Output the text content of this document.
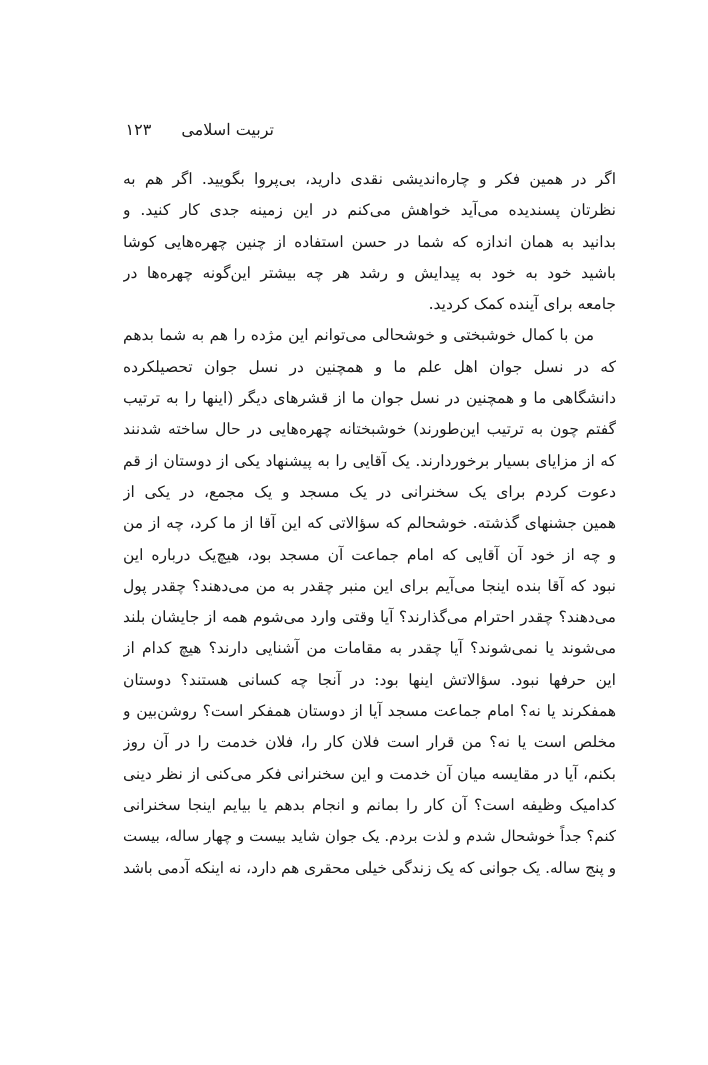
تربیت اسلامی
۱۲۳
اگر در همین فکر و چاره‌اندیشی نقدی دارید، بی‌پروا بگویید. اگر هم به
نظرتان پسندیده می‌آید خواهش می‌کنم در این زمینه جدی کار کنید. و
بدانید به همان اندازه که شما در حسن استفاده از چنین چهره‌هایی کوشا
باشید خود به خود به پیدایش و رشد هر چه بیشتر این‌گونه چهره‌ها در
جامعه برای آینده کمک کردید.
من با کمال خوشبختی و خوشحالی می‌توانم این مژده را هم به شما بدهم
که در نسل جوان اهل علم ما و همچنین در نسل جوان تحصیلکرده
دانشگاهی ما و همچنین در نسل جوان ما از قشرهای دیگر (اینها را به ترتیب
گفتم چون به ترتیب این‌طورند) خوشبختانه چهره‌هایی در حال ساخته شدنند
که از مزایای بسیار برخوردارند. یک آقایی را به پیشنهاد یکی از دوستان از قم
دعوت کردم برای یک سخنرانی در یک مسجد و یک مجمع، در یکی از
همین جشنهای گذشته. خوشحالم که سؤالاتی که این آقا از ما کرد، چه از من
و چه از خود آن آقایی که امام جماعت آن مسجد بود، هیچ‌یک درباره این
نبود که آقا بنده اینجا می‌آیم برای این منبر چقدر به من می‌دهند؟ چقدر پول
می‌دهند؟ چقدر احترام می‌گذارند؟ آیا وقتی وارد می‌شوم همه از جایشان بلند
می‌شوند یا نمی‌شوند؟ آیا چقدر به مقامات من آشنایی دارند؟ هیچ کدام از
این حرفها نبود. سؤالاتش اینها بود: در آنجا چه کسانی هستند؟ دوستان
همفکرند یا نه؟ امام جماعت مسجد آیا از دوستان همفکر است؟ روشن‌بین و
مخلص است یا نه؟ من قرار است فلان کار را، فلان خدمت را در آن روز
بکنم، آیا در مقایسه میان آن خدمت و این سخنرانی فکر می‌کنی از نظر دینی
کدامیک وظیفه است؟ آن کار را بمانم و انجام بدهم یا بیایم اینجا سخنرانی
کنم؟ جداً خوشحال شدم و لذت بردم. یک جوان شاید بیست و چهار ساله، بیست
و پنج ساله. یک جوانی که یک زندگی خیلی محقری هم دارد، نه اینکه آدمی باشد
